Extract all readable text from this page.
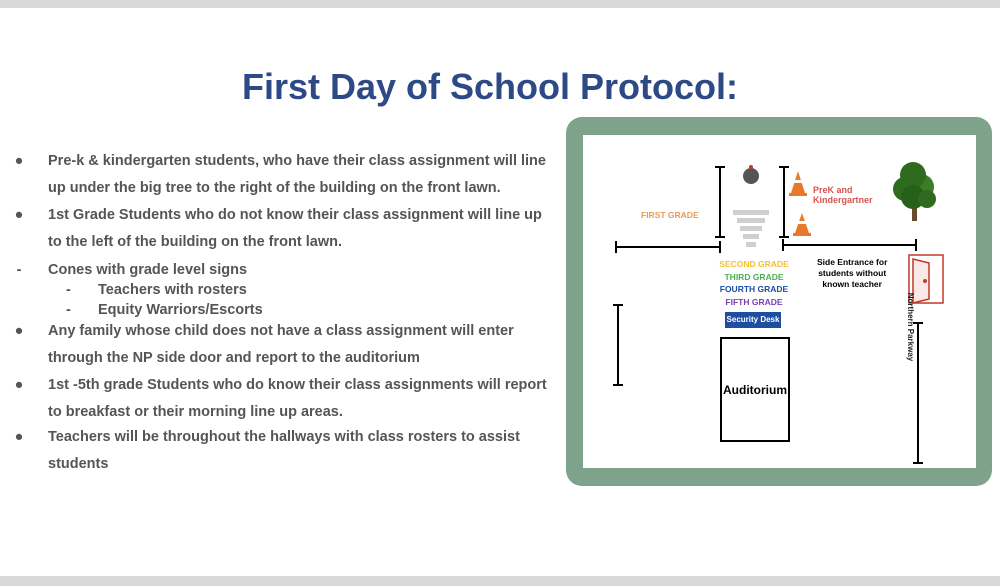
First Day of School Protocol:
●	Pre-k & kindergarten students, who have their class assignment will line
up under the big tree to the right of the building on the front lawn.
●	1st Grade Students who do not know their class assignment will line up
to the left of the building on the front lawn.
-	Cones with grade level signs
- Teachers with rosters
- Equity Warriors/Escorts
●	Any family whose child does not have a class assignment will enter
through the NP side door and report to the auditorium
●	1st -5th grade Students who do know their class assignments will report
to breakfast or their morning line up areas.
●	Teachers will be throughout the hallways with class rosters to assist
students
FIRST GRADE
PreK and
Kindergartner
Side Entrance for
students without
known teacher
Northern Parkway
SECOND GRADE
THIRD GRADE
FOURTH GRADE
FIFTH GRADE
Security Desk
Auditorium
